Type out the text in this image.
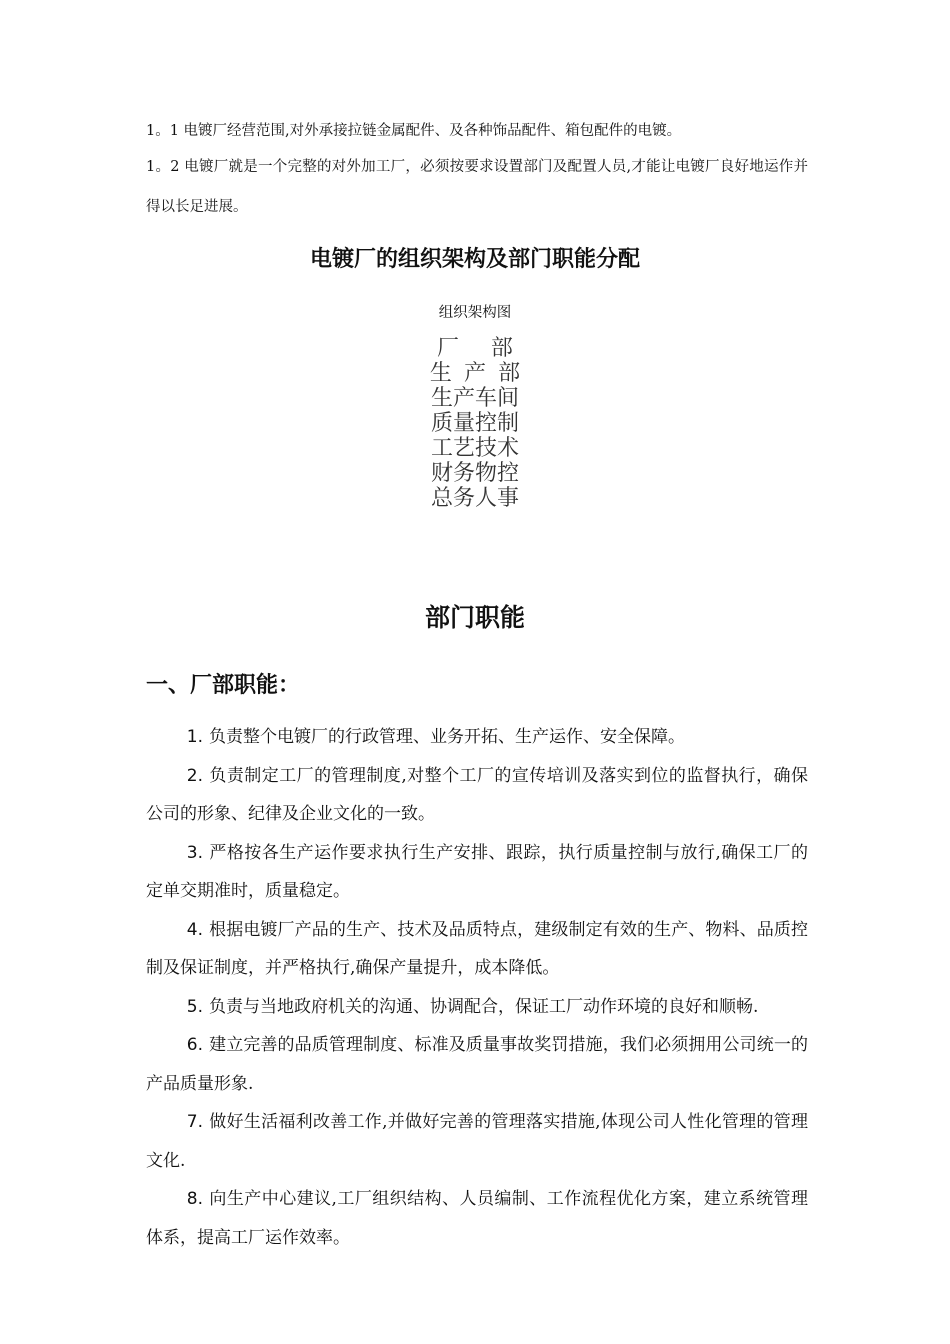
1。1 电镀厂经营范围,对外承接拉链金属配件、及各种饰品配件、箱包配件的电镀。

1。2 电镀厂就是一个完整的对外加工厂，必须按要求设置部门及配置人员,才能让电镀厂良好地运作并得以长足进展。

电镀厂的组织架构及部门职能分配

组织架构图

厂部
生产部
生产车间
质量控制
工艺技术
财务物控
总务人事
部门职能
一、厂部职能：
1. 负责整个电镀厂的行政管理、业务开拓、生产运作、安全保障。
2. 负责制定工厂的管理制度,对整个工厂的宣传培训及落实到位的监督执行，确保公司的形象、纪律及企业文化的一致。
3. 严格按各生产运作要求执行生产安排、跟踪，执行质量控制与放行,确保工厂的定单交期准时，质量稳定。
4. 根据电镀厂产品的生产、技术及品质特点，建级制定有效的生产、物料、品质控制及保证制度，并严格执行,确保产量提升，成本降低。
5. 负责与当地政府机关的沟通、协调配合，保证工厂动作环境的良好和顺畅.
6. 建立完善的品质管理制度、标准及质量事故奖罚措施，我们必须拥用公司统一的产品质量形象.
7. 做好生活福利改善工作,并做好完善的管理落实措施,体现公司人性化管理的管理文化.
8. 向生产中心建议,工厂组织结构、人员编制、工作流程优化方案，建立系统管理体系，提高工厂运作效率。
